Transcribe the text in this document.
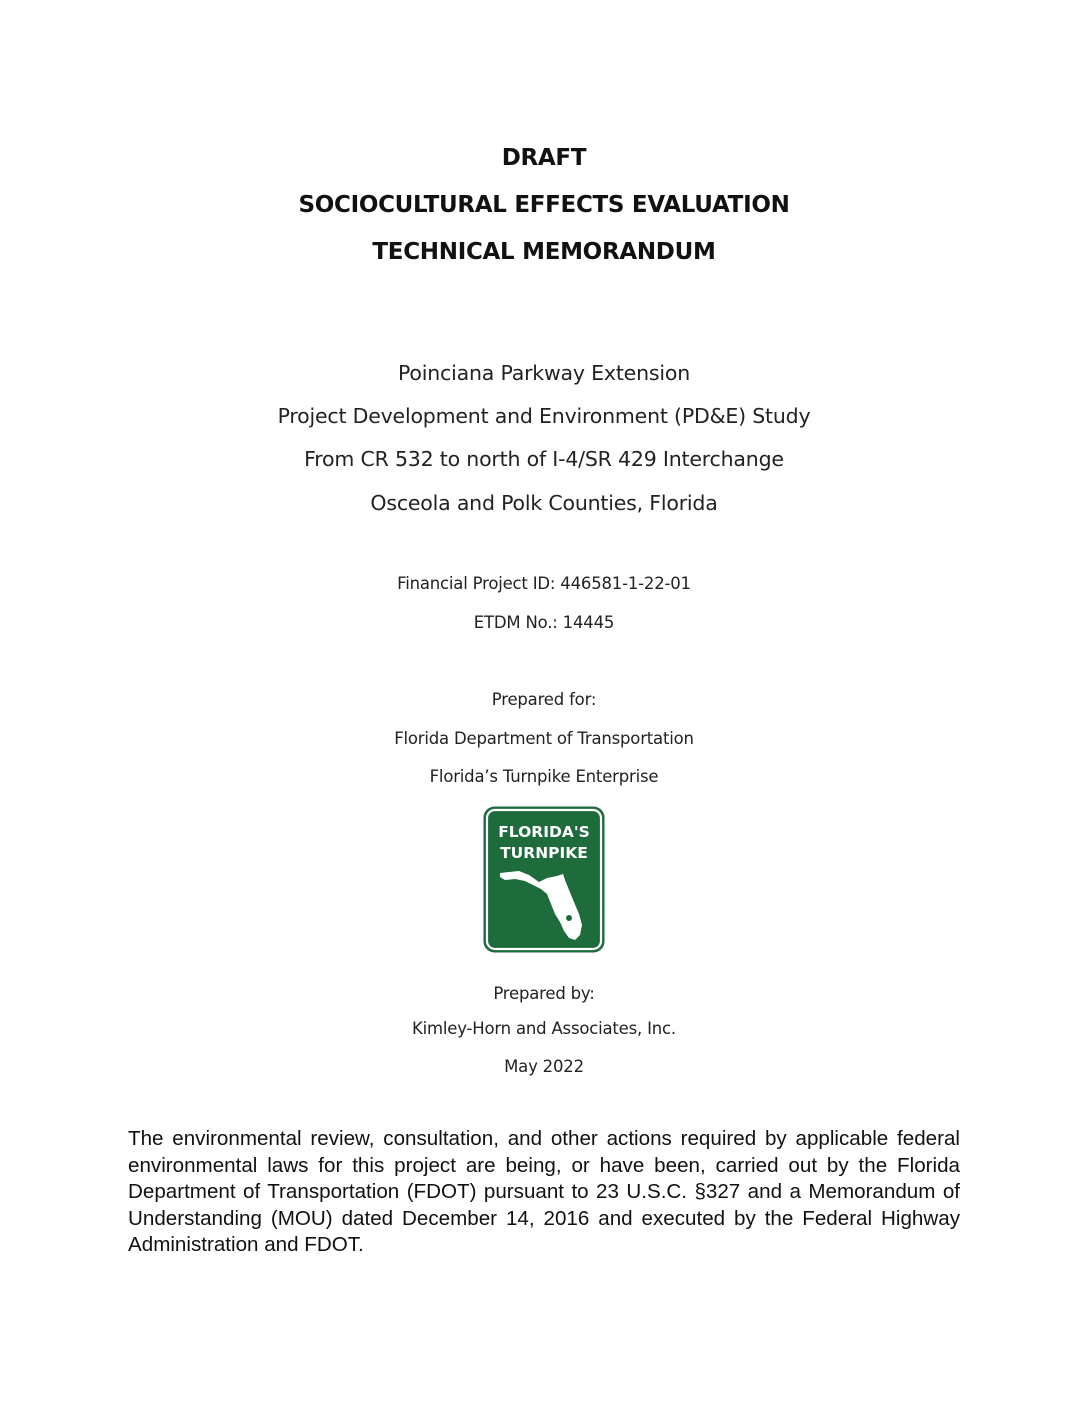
DRAFT
SOCIOCULTURAL EFFECTS EVALUATION
TECHNICAL MEMORANDUM
Poinciana Parkway Extension
Project Development and Environment (PD&E) Study
From CR 532 to north of I-4/SR 429 Interchange
Osceola and Polk Counties, Florida
Financial Project ID: 446581-1-22-01
ETDM No.: 14445
Prepared for:
Florida Department of Transportation
Florida’s Turnpike Enterprise
FLORIDA'S
TURNPIKE
Prepared by:
Kimley-Horn and Associates, Inc.
May 2022
The environmental review, consultation, and other actions required by applicable federal environmental laws for this project are being, or have been, carried out by the Florida Department of Transportation (FDOT) pursuant to 23 U.S.C. §327 and a Memorandum of Understanding (MOU) dated December 14, 2016 and executed by the Federal Highway Administration and FDOT.
